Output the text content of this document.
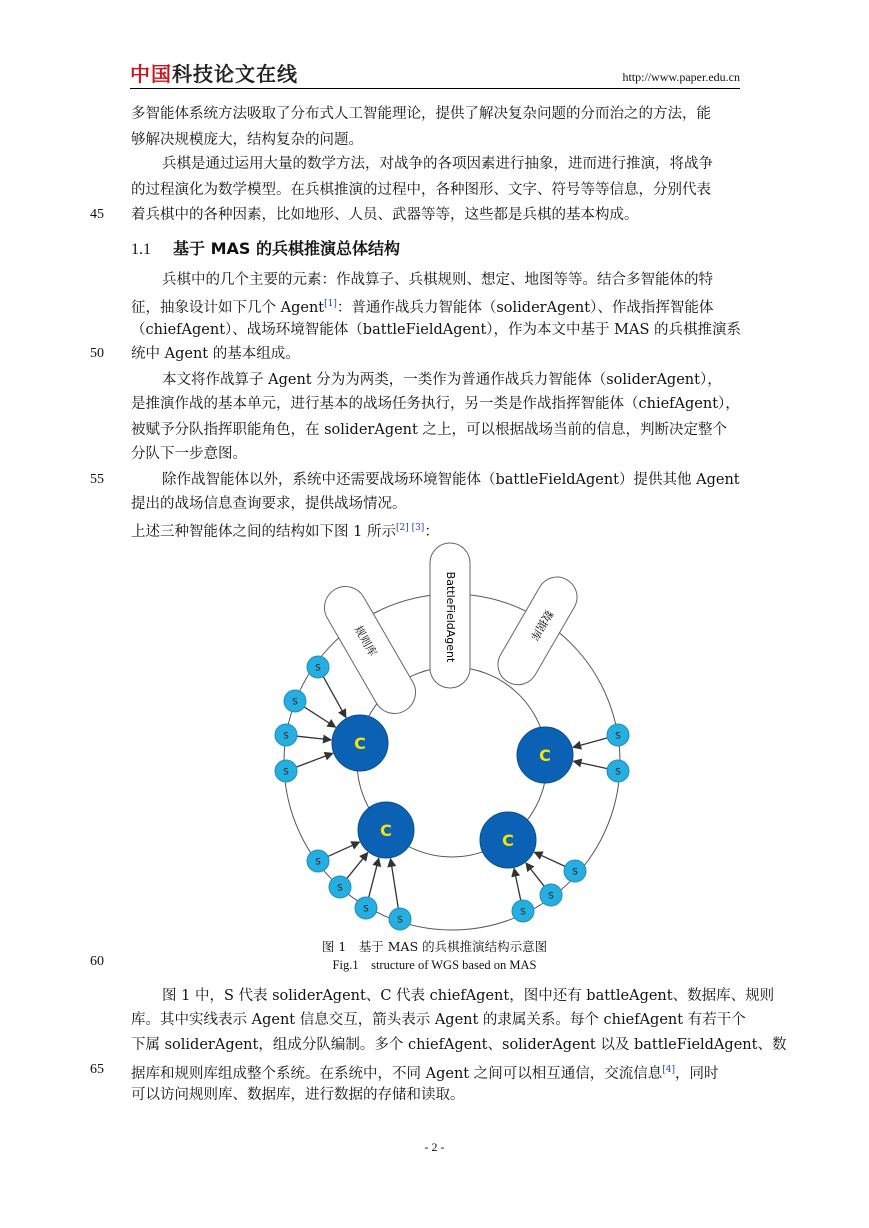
中国科技论文在线	http://www.paper.edu.cn
多智能体系统方法吸取了分布式人工智能理论，提供了解决复杂问题的分而治之的方法，能
够解决规模庞大，结构复杂的问题。
兵棋是通过运用大量的数学方法，对战争的各项因素进行抽象，进而进行推演，将战争
的过程演化为数学模型。在兵棋推演的过程中，各种图形、文字、符号等等信息，分别代表
着兵棋中的各种因素，比如地形、人员、武器等等，这些都是兵棋的基本构成。
1.1 基于 MAS 的兵棋推演总体结构
兵棋中的几个主要的元素：作战算子、兵棋规则、想定、地图等等。结合多智能体的特
征，抽象设计如下几个 Agent[1]：普通作战兵力智能体（soliderAgent）、作战指挥智能体
（chiefAgent）、战场环境智能体（battleFieldAgent），作为本文中基于 MAS 的兵棋推演系
统中 Agent 的基本组成。
本文将作战算子 Agent 分为为两类，一类作为普通作战兵力智能体（soliderAgent），
是推演作战的基本单元，进行基本的战场任务执行，另一类是作战指挥智能体（chiefAgent），
被赋予分队指挥职能角色，在 soliderAgent 之上，可以根据战场当前的信息，判断决定整个
分队下一步意图。
除作战智能体以外，系统中还需要战场环境智能体（battleFieldAgent）提供其他 Agent
提出的战场信息查询要求，提供战场情况。
上述三种智能体之间的结构如下图 1 所示[2] [3]：
规则库	BattleFieldAgent	数据库
C
C
C
C
S
S
S
S
S
S
S
S
S
S
S
S
S
图 1　基于 MAS 的兵棋推演结构示意图
Fig.1　structure of WGS based on MAS
图 1 中，S 代表 soliderAgent、C 代表 chiefAgent，图中还有 battleAgent、数据库、规则
库。其中实线表示 Agent 信息交互，箭头表示 Agent 的隶属关系。每个 chiefAgent 有若干个
下属 soliderAgent，组成分队编制。多个 chiefAgent、soliderAgent 以及 battleFieldAgent、数
据库和规则库组成整个系统。在系统中，不同 Agent 之间可以相互通信，交流信息[4]，同时
可以访问规则库、数据库，进行数据的存储和读取。
45
50
55
60
65
- 2 -
